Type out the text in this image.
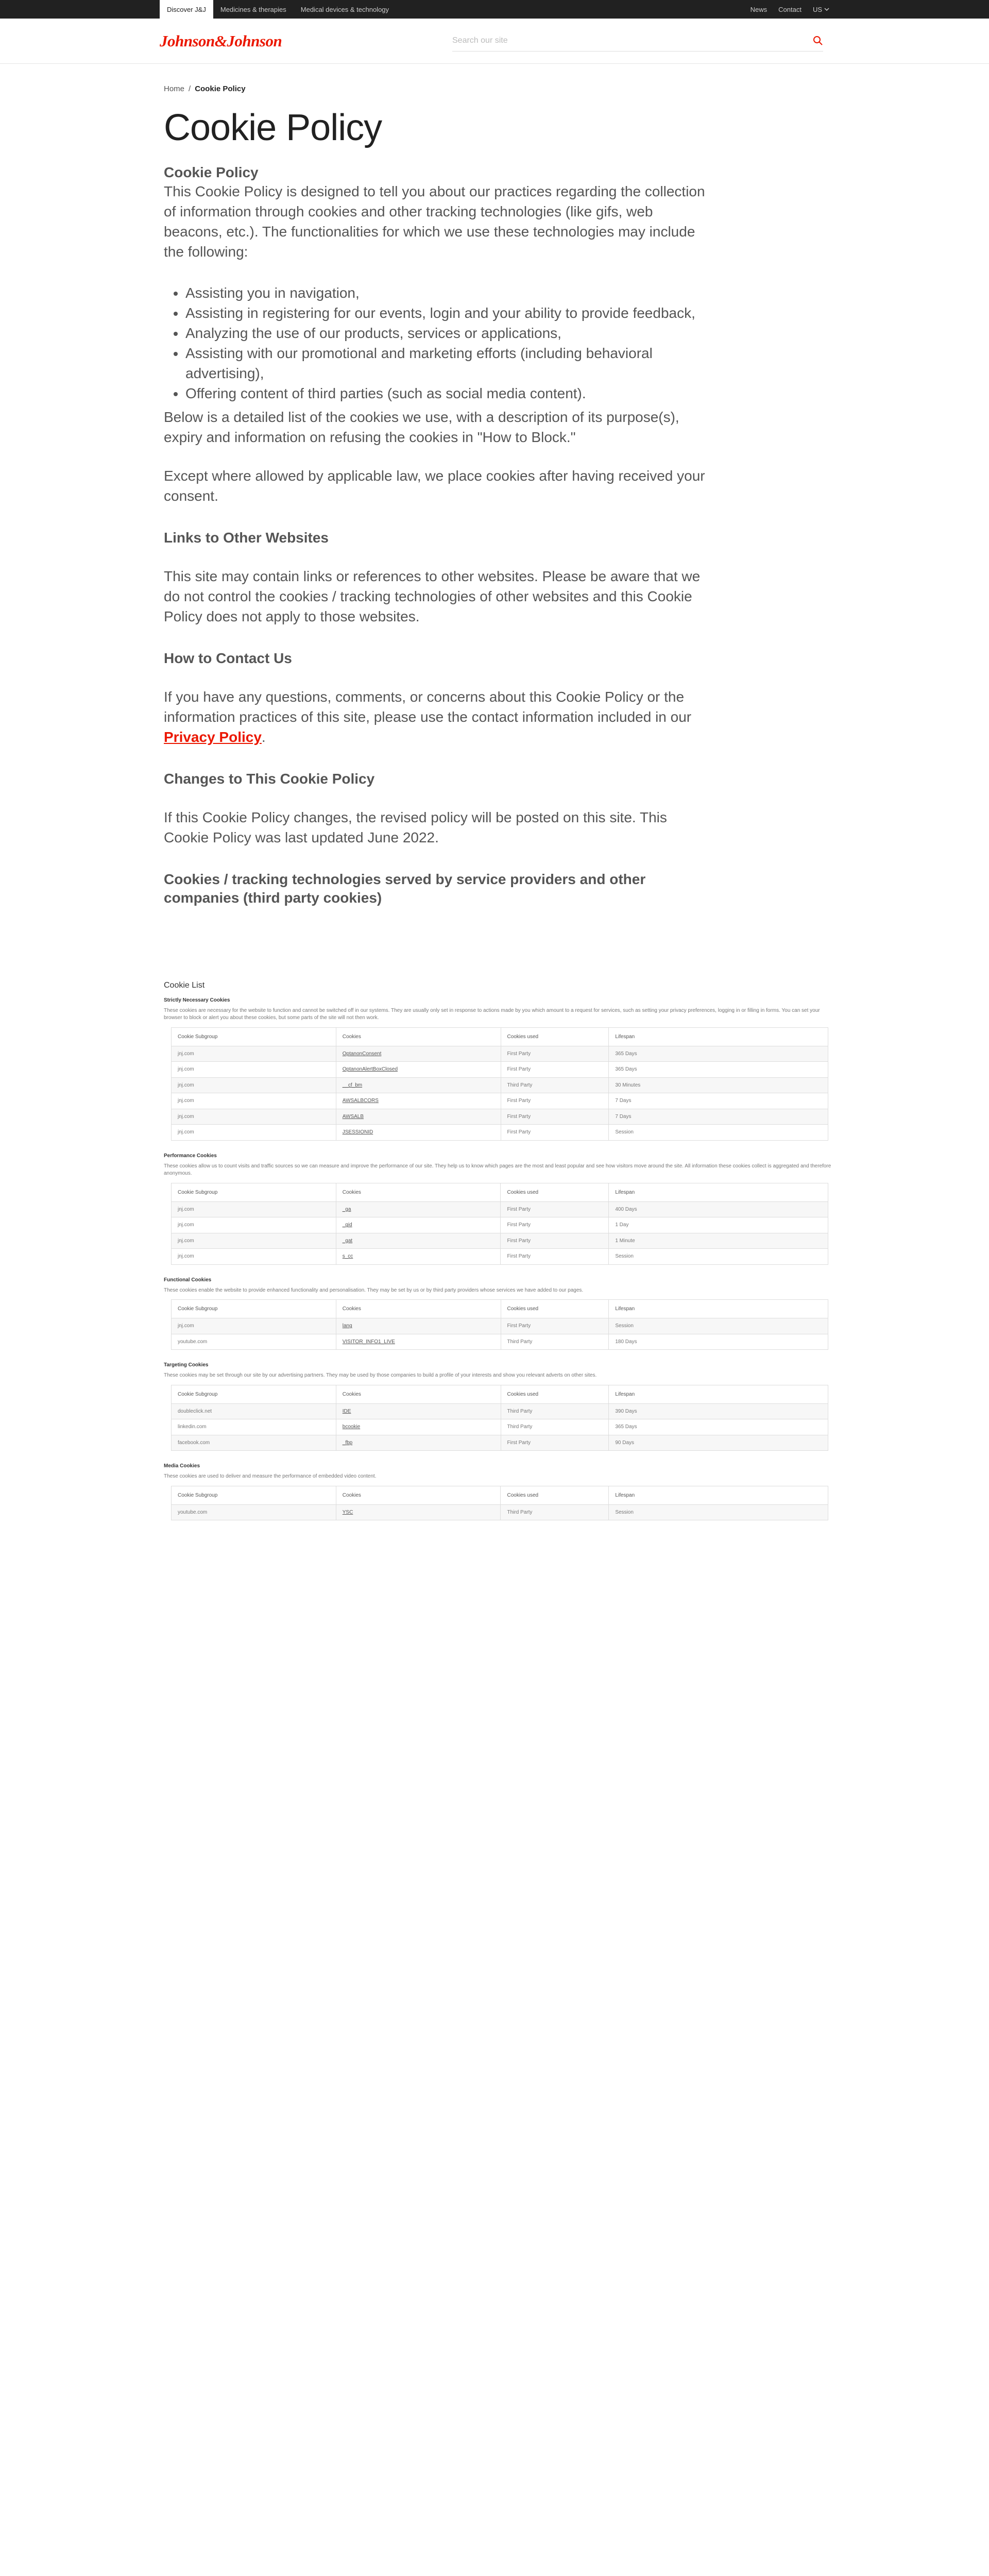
Discover J&J	Medicines & therapies	Medical devices & technology	News Contact US
Johnson&Johnson
Search our site
Home / Cookie Policy
Cookie Policy
Cookie Policy

This Cookie Policy is designed to tell you about our practices regarding the collection of information through cookies and other tracking technologies (like gifs, web beacons, etc.). The functionalities for which we use these technologies may include the following:

• Assisting you in navigation,
• Assisting in registering for our events, login and your ability to provide feedback,
• Analyzing the use of our products, services or applications,
• Assisting with our promotional and marketing efforts (including behavioral advertising),
• Offering content of third parties (such as social media content).

Below is a detailed list of the cookies we use, with a description of its purpose(s), expiry and information on refusing the cookies in "How to Block."

Except where allowed by applicable law, we place cookies after having received your consent.

Links to Other Websites

This site may contain links or references to other websites. Please be aware that we do not control the cookies / tracking technologies of other websites and this Cookie Policy does not apply to those websites.

How to Contact Us

If you have any questions, comments, or concerns about this Cookie Policy or the information practices of this site, please use the contact information included in our Privacy Policy.

Changes to This Cookie Policy

If this Cookie Policy changes, the revised policy will be posted on this site. This Cookie Policy was last updated June 2022.

Cookies / tracking technologies served by service providers and other companies (third party cookies)
Cookie List
Strictly Necessary Cookies
These cookies are necessary for the website to function and cannot be switched off in our systems. They are usually only set in response to actions made by you which amount to a request for services, such as setting your privacy preferences, logging in or filling in forms. You can set your browser to block or alert you about these cookies, but some parts of the site will not then work.
Cookie Subgroup	Cookies	Cookies used	Lifespan
jnj.com	OptanonConsent	First Party	365 Days
jnj.com	OptanonAlertBoxClosed	First Party	365 Days
jnj.com	__cf_bm	Third Party	30 Minutes
jnj.com	AWSALBCORS	First Party	7 Days
jnj.com	AWSALB	First Party	7 Days
jnj.com	JSESSIONID	First Party	Session
Performance Cookies
These cookies allow us to count visits and traffic sources so we can measure and improve the performance of our site. They help us to know which pages are the most and least popular and see how visitors move around the site. All information these cookies collect is aggregated and therefore anonymous.
Cookie Subgroup	Cookies	Cookies used	Lifespan
jnj.com	_ga	First Party	400 Days
jnj.com	_gid	First Party	1 Day
jnj.com	_gat	First Party	1 Minute
jnj.com	s_cc	First Party	Session
Functional Cookies
These cookies enable the website to provide enhanced functionality and personalisation. They may be set by us or by third party providers whose services we have added to our pages.
Cookie Subgroup	Cookies	Cookies used	Lifespan
jnj.com	lang	First Party	Session
youtube.com	VISITOR_INFO1_LIVE	Third Party	180 Days
Targeting Cookies
These cookies may be set through our site by our advertising partners. They may be used by those companies to build a profile of your interests and show you relevant adverts on other sites.
Cookie Subgroup	Cookies	Cookies used	Lifespan
doubleclick.net	IDE	Third Party	390 Days
linkedin.com	bcookie	Third Party	365 Days
facebook.com	_fbp	First Party	90 Days
Media Cookies
These cookies are used to deliver and measure the performance of embedded video content.
Cookie Subgroup	Cookies	Cookies used	Lifespan
youtube.com	YSC	Third Party	Session
